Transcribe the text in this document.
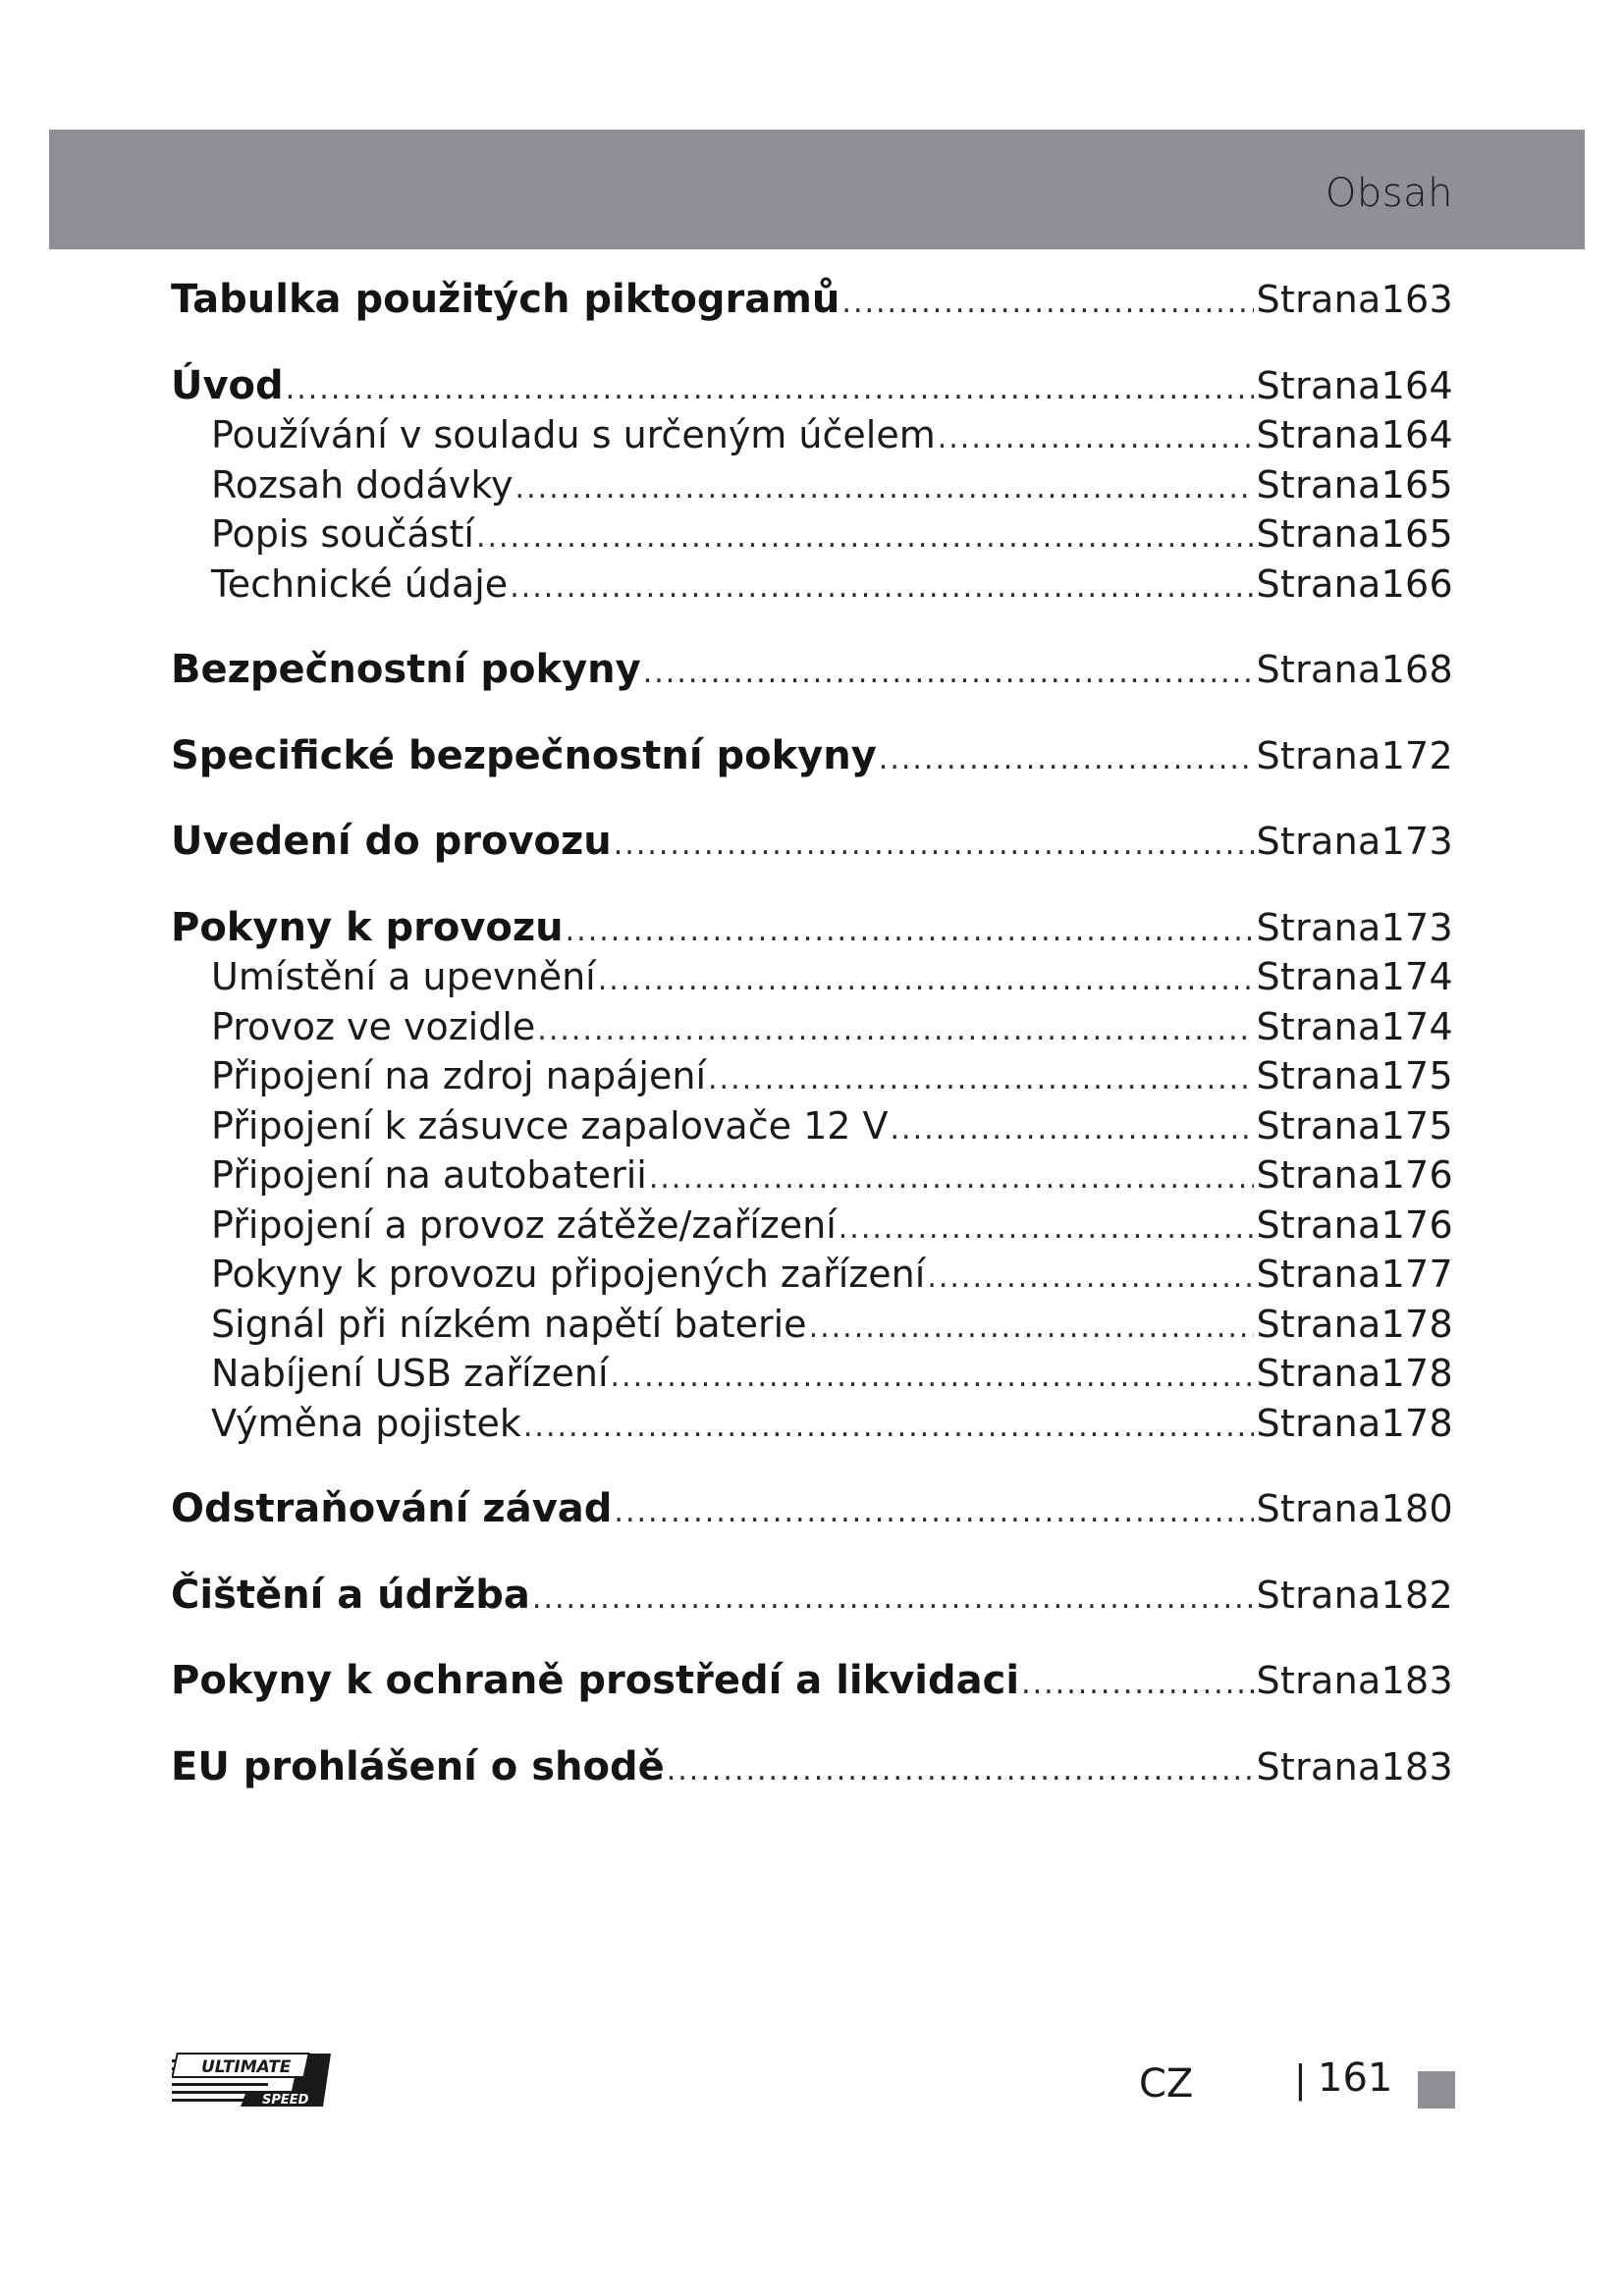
Obsah
Tabulka použitých piktogramů .....	Strana163
Úvod .....	Strana164
Používání v souladu s určeným účelem .....	Strana164
Rozsah dodávky .....	Strana165
Popis součástí .....	Strana165
Technické údaje .....	Strana166
Bezpečnostní pokyny .....	Strana168
Specifické bezpečnostní pokyny .....	Strana172
Uvedení do provozu .....	Strana173
Pokyny k provozu .....	Strana173
Umístění a upevnění .....	Strana174
Provoz ve vozidle .....	Strana174
Připojení na zdroj napájení .....	Strana175
Připojení k zásuvce zapalovače 12 V .....	Strana175
Připojení na autobaterii .....	Strana176
Připojení a provoz zátěže/zařízení .....	Strana176
Pokyny k provozu připojených zařízení .....	Strana177
Signál při nízkém napětí baterie .....	Strana178
Nabíjení USB zařízení .....	Strana178
Výměna pojistek .....	Strana178
Odstraňování závad .....	Strana180
Čištění a údržba .....	Strana182
Pokyny k ochraně prostředí a likvidaci .....	Strana183
EU prohlášení o shodě .....	Strana183
ULTIMATE
SPEED	CZ	| 161
